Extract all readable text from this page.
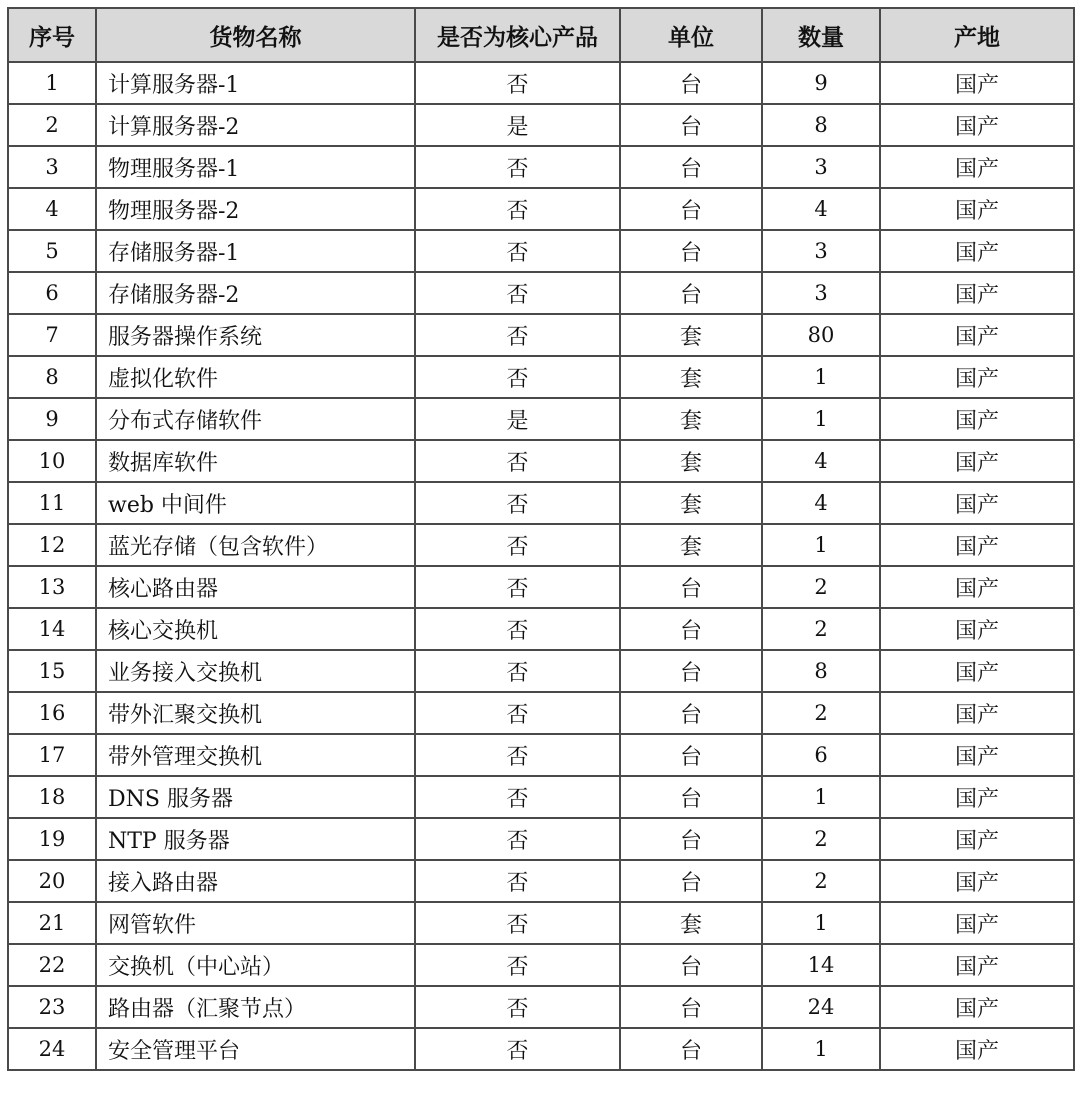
序号	货物名称	是否为核心产品	单位	数量	产地
1	计算服务器-1	否	台	9	国产
2	计算服务器-2	是	台	8	国产
3	物理服务器-1	否	台	3	国产
4	物理服务器-2	否	台	4	国产
5	存储服务器-1	否	台	3	国产
6	存储服务器-2	否	台	3	国产
7	服务器操作系统	否	套	80	国产
8	虚拟化软件	否	套	1	国产
9	分布式存储软件	是	套	1	国产
10	数据库软件	否	套	4	国产
11	web 中间件	否	套	4	国产
12	蓝光存储（包含软件）	否	套	1	国产
13	核心路由器	否	台	2	国产
14	核心交换机	否	台	2	国产
15	业务接入交换机	否	台	8	国产
16	带外汇聚交换机	否	台	2	国产
17	带外管理交换机	否	台	6	国产
18	DNS 服务器	否	台	1	国产
19	NTP 服务器	否	台	2	国产
20	接入路由器	否	台	2	国产
21	网管软件	否	套	1	国产
22	交换机（中心站）	否	台	14	国产
23	路由器（汇聚节点）	否	台	24	国产
24	安全管理平台	否	台	1	国产
